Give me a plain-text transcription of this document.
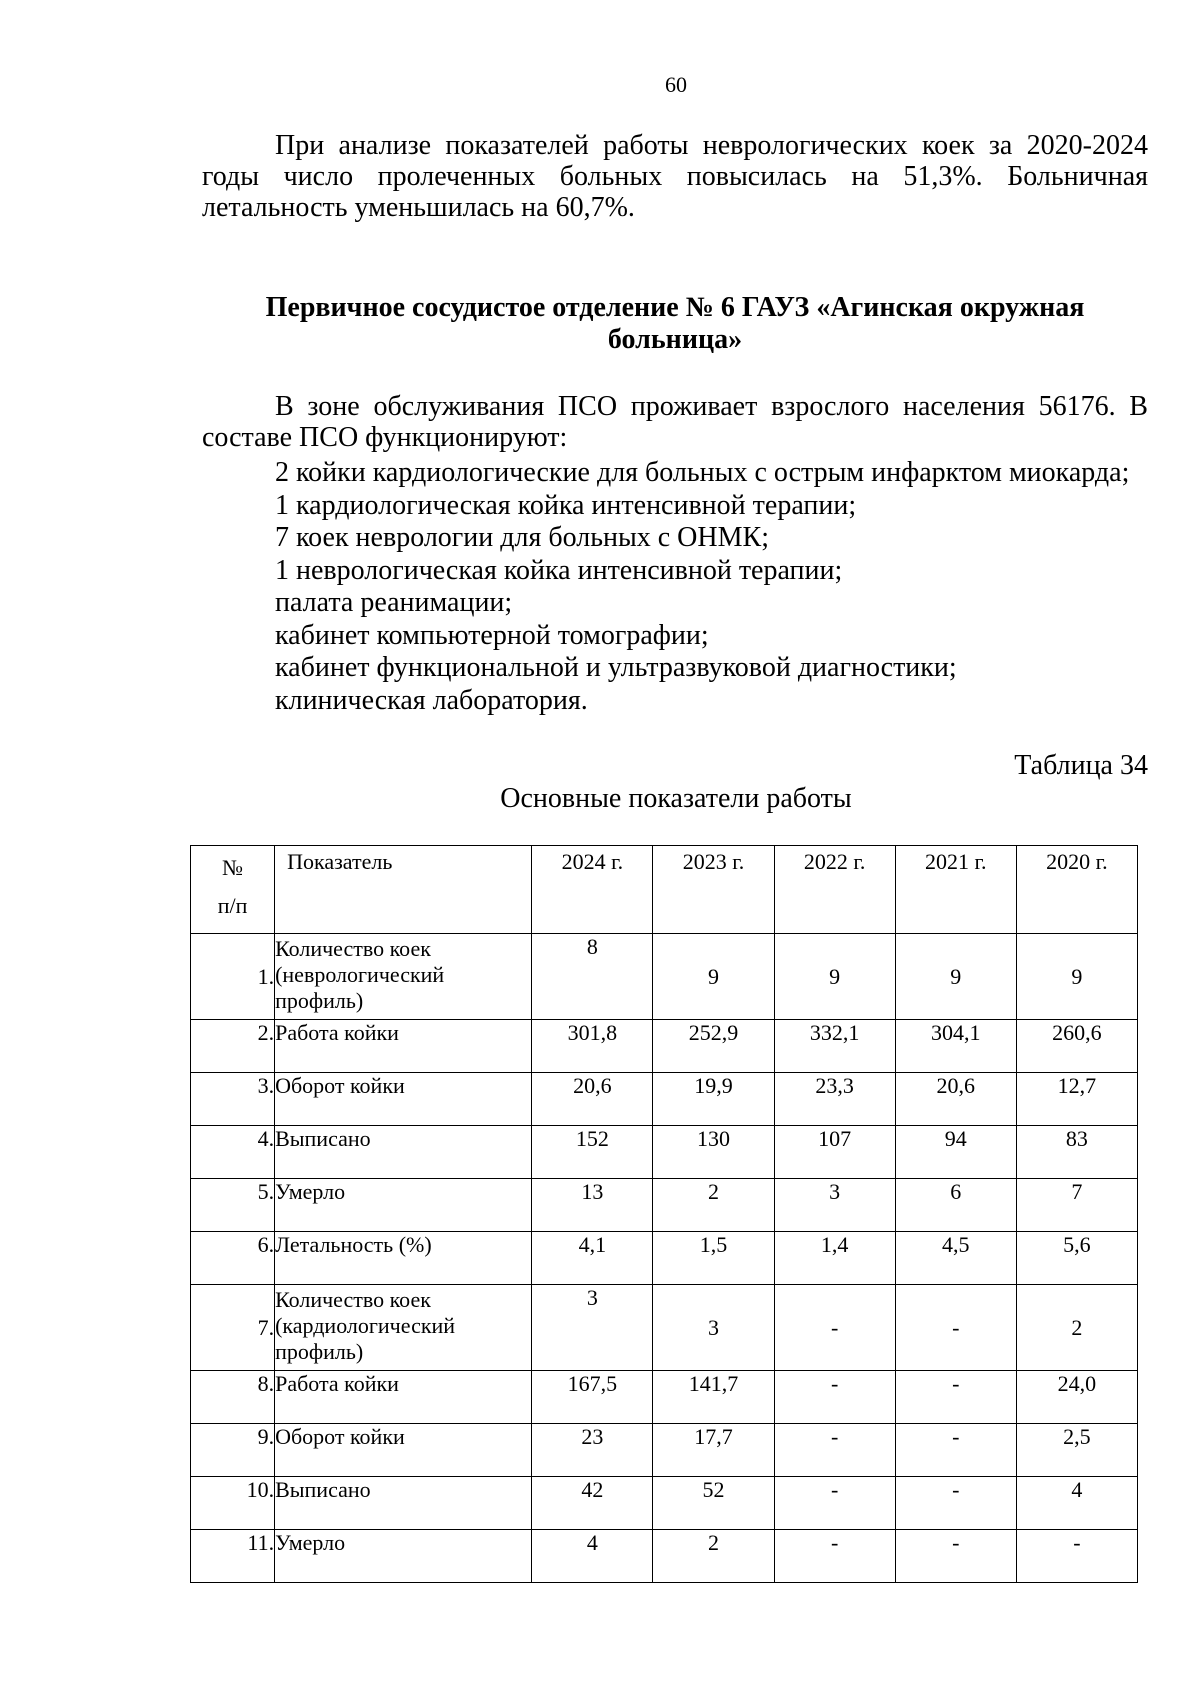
60
При анализе показателей работы неврологических коек за 2020-2024 годы число пролеченных больных повысилась на 51,3%. Больничная летальность уменьшилась на 60,7%.
Первичное сосудистое отделение № 6 ГАУЗ «Агинская окружная
больница»
В зоне обслуживания ПСО проживает взрослого населения 56176. В составе ПСО функционируют:
2 койки кардиологические для больных с острым инфарктом миокарда;
1 кардиологическая койка интенсивной терапии;
7 коек неврологии для больных с ОНМК;
1 неврологическая койка интенсивной терапии;
палата реанимации;
кабинет компьютерной томографии;
кабинет функциональной и ультразвуковой диагностики;
клиническая лаборатория.
Таблица 34
Основные показатели работы
№
п/п	Показатель	2024 г.	2023 г.	2022 г.	2021 г.	2020 г.
1.	Количество коек (неврологический профиль)	8	9	9	9	9
2.	Работа койки	301,8	252,9	332,1	304,1	260,6
3.	Оборот койки	20,6	19,9	23,3	20,6	12,7
4.	Выписано	152	130	107	94	83
5.	Умерло	13	2	3	6	7
6.	Летальность (%)	4,1	1,5	1,4	4,5	5,6
7.	Количество коек (кардиологический профиль)	3	3	-	-	2
8.	Работа койки	167,5	141,7	-	-	24,0
9.	Оборот койки	23	17,7	-	-	2,5
10.	Выписано	42	52	-	-	4
11.	Умерло	4	2	-	-	-
